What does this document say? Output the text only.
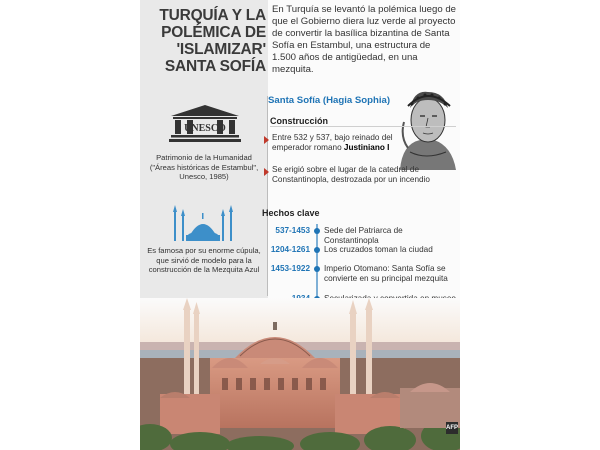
TURQUÍA Y LA
POLÉMICA DE
'ISLAMIZAR'
SANTA SOFÍA
En Turquía se levantó la polémica luego de que el Gobierno diera luz verde al proyecto de convertir la basílica bizantina de Santa Sofía en Estambul, una estructura de 1.500 años de antigüedad, en una mezquita.
UNESCO
Patrimonio de la Humanidad ("Áreas históricas de Estambul", Unesco, 1985)
Es famosa por su enorme cúpula, que sirvió de modelo para la construcción de la Mezquita Azul
Santa Sofía (Hagia Sophia)
Construcción
Entre 532 y 537, bajo reinado del emperador romano Justiniano I
Se erigió sobre el lugar de la catedral de Constantinopla, destrozada por un incendio
Hechos clave
537-1453 Sede del Patriarca de Constantinopla
1204-1261 Los cruzados toman la ciudad
1453-1922 Imperio Otomano: Santa Sofía se convierte en su principal mezquita
AFP
